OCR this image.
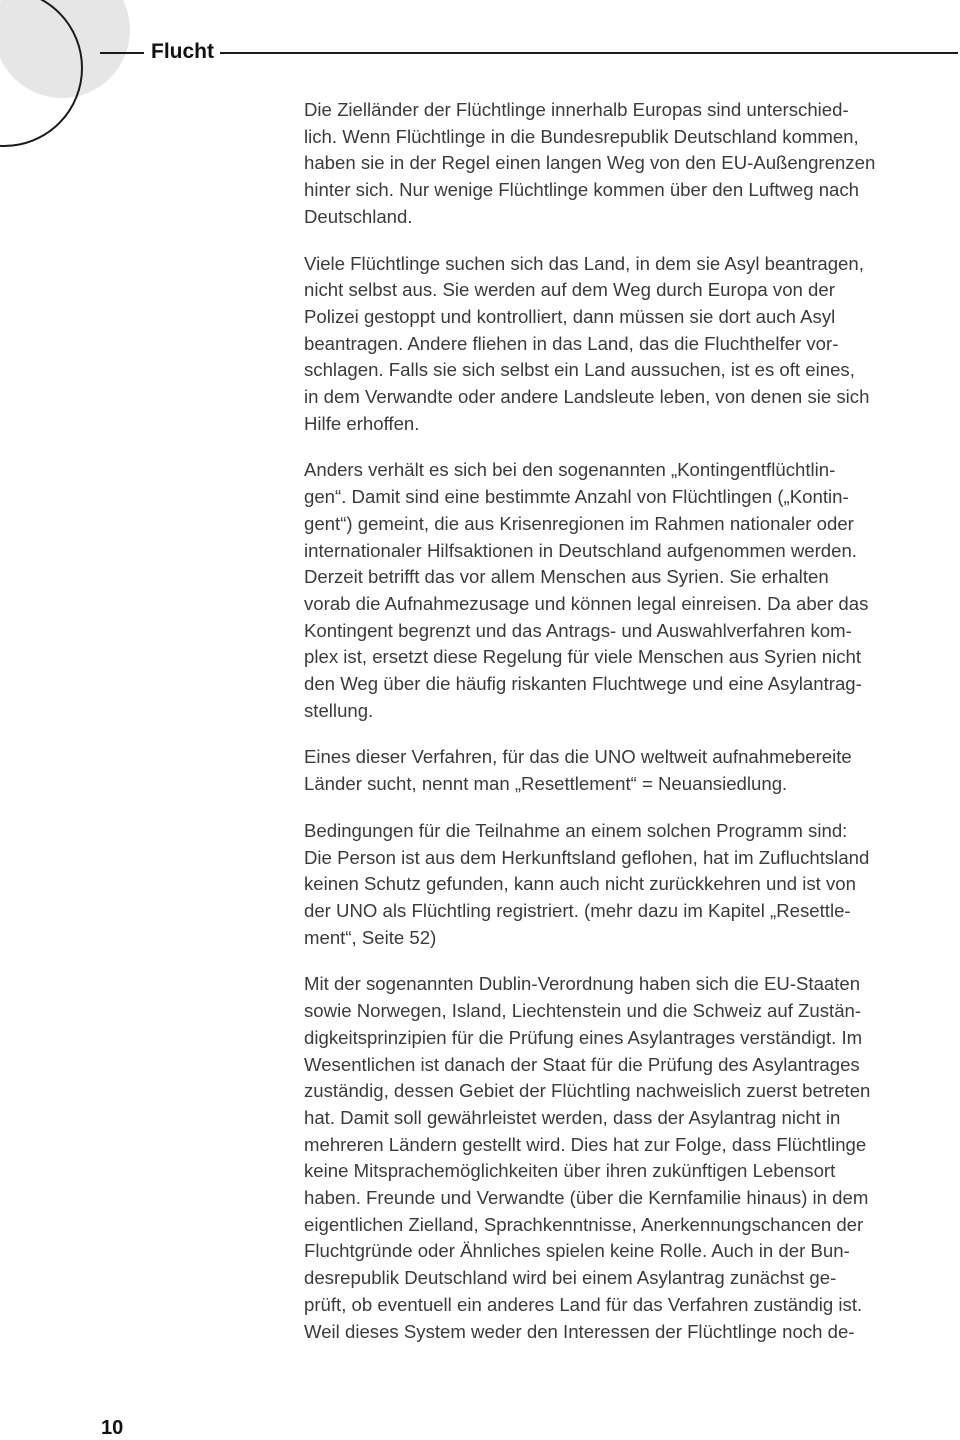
Flucht

Die Zielländer der Flüchtlinge innerhalb Europas sind unterschied-
lich. Wenn Flüchtlinge in die Bundesrepublik Deutschland kommen,
haben sie in der Regel einen langen Weg von den EU-Außengrenzen
hinter sich. Nur wenige Flüchtlinge kommen über den Luftweg nach
Deutschland.

Viele Flüchtlinge suchen sich das Land, in dem sie Asyl beantragen,
nicht selbst aus. Sie werden auf dem Weg durch Europa von der
Polizei gestoppt und kontrolliert, dann müssen sie dort auch Asyl
beantragen. Andere fliehen in das Land, das die Fluchthelfer vor-
schlagen. Falls sie sich selbst ein Land aussuchen, ist es oft eines,
in dem Verwandte oder andere Landsleute leben, von denen sie sich
Hilfe erhoffen.

Anders verhält es sich bei den sogenannten „Kontingentflüchtlin-
gen“. Damit sind eine bestimmte Anzahl von Flüchtlingen („Kontin-
gent“) gemeint, die aus Krisenregionen im Rahmen nationaler oder
internationaler Hilfsaktionen in Deutschland aufgenommen werden.
Derzeit betrifft das vor allem Menschen aus Syrien. Sie erhalten
vorab die Aufnahmezusage und können legal einreisen. Da aber das
Kontingent begrenzt und das Antrags- und Auswahlverfahren kom-
plex ist, ersetzt diese Regelung für viele Menschen aus Syrien nicht
den Weg über die häufig riskanten Fluchtwege und eine Asylantrag-
stellung.

Eines dieser Verfahren, für das die UNO weltweit aufnahmebereite
Länder sucht, nennt man „Resettlement“ = Neuansiedlung.

Bedingungen für die Teilnahme an einem solchen Programm sind:
Die Person ist aus dem Herkunftsland geflohen, hat im Zufluchtsland
keinen Schutz gefunden, kann auch nicht zurückkehren und ist von
der UNO als Flüchtling registriert. (mehr dazu im Kapitel „Resettle-
ment“, Seite 52)

Mit der sogenannten Dublin-Verordnung haben sich die EU-Staaten
sowie Norwegen, Island, Liechtenstein und die Schweiz auf Zustän-
digkeitsprinzipien für die Prüfung eines Asylantrages verständigt. Im
Wesentlichen ist danach der Staat für die Prüfung des Asylantrages
zuständig, dessen Gebiet der Flüchtling nachweislich zuerst betreten
hat. Damit soll gewährleistet werden, dass der Asylantrag nicht in
mehreren Ländern gestellt wird. Dies hat zur Folge, dass Flüchtlinge
keine Mitsprachemöglichkeiten über ihren zukünftigen Lebensort
haben. Freunde und Verwandte (über die Kernfamilie hinaus) in dem
eigentlichen Zielland, Sprachkenntnisse, Anerkennungschancen der
Fluchtgründe oder Ähnliches spielen keine Rolle. Auch in der Bun-
desrepublik Deutschland wird bei einem Asylantrag zunächst ge-
prüft, ob eventuell ein anderes Land für das Verfahren zuständig ist.
Weil dieses System weder den Interessen der Flüchtlinge noch de-

10
